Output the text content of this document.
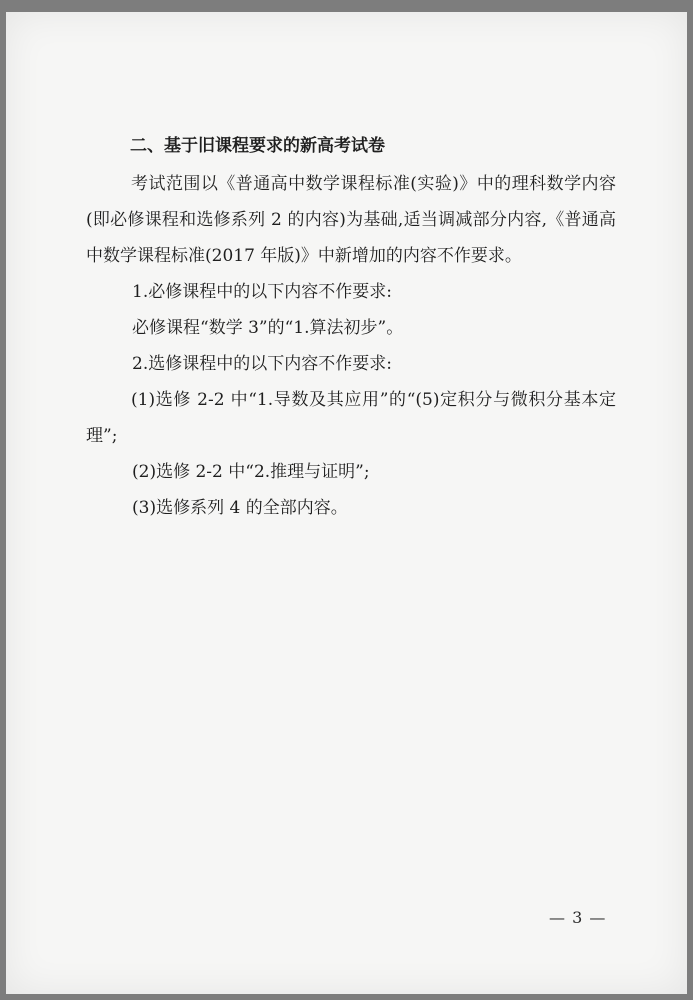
二、基于旧课程要求的新高考试卷

考试范围以《普通高中数学课程标准(实验)》中的理科数学内容(即必修课程和选修系列 2 的内容)为基础,适当调减部分内容,《普通高中数学课程标准(2017 年版)》中新增加的内容不作要求。

1.必修课程中的以下内容不作要求:

必修课程“数学 3”的“1.算法初步”。

2.选修课程中的以下内容不作要求:

(1)选修 2-2 中“1.导数及其应用”的“(5)定积分与微积分基本定理”;

(2)选修 2-2 中“2.推理与证明”;

(3)选修系列 4 的全部内容。

— 3 —
